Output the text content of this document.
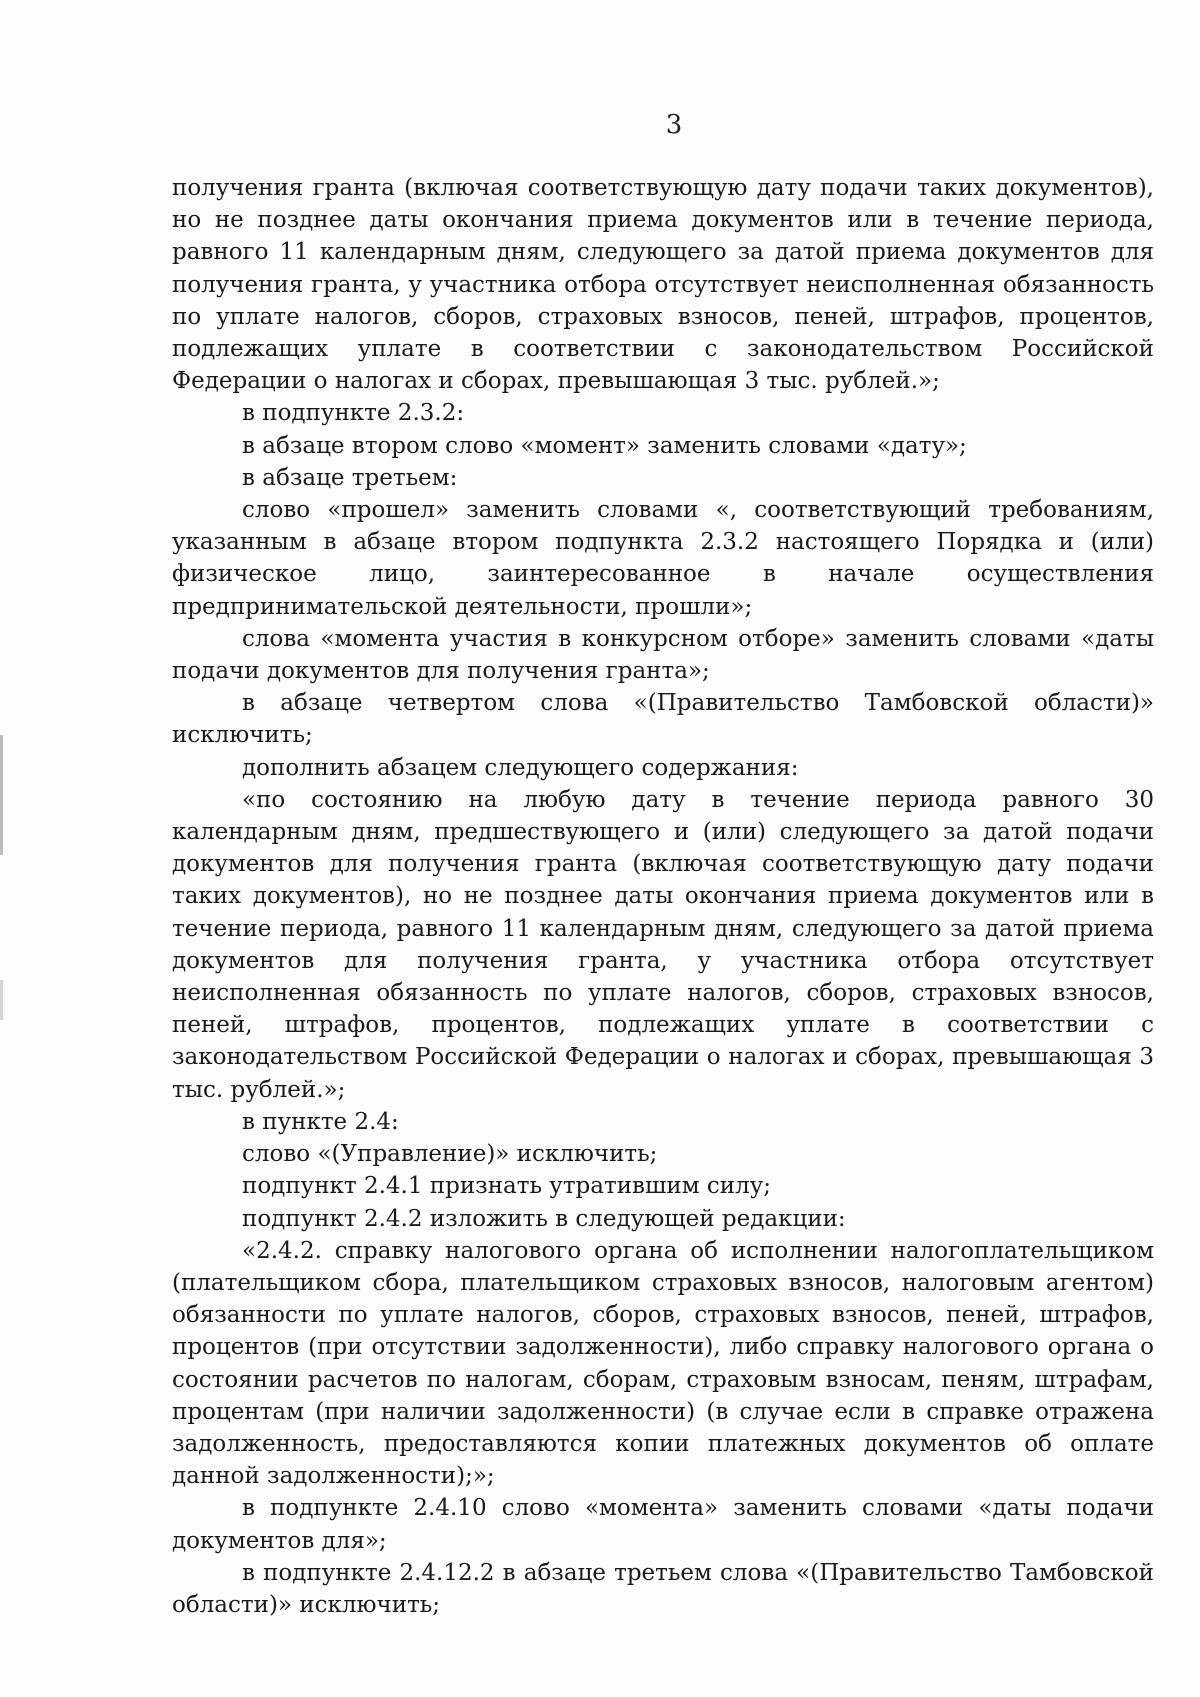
3

получения гранта (включая соответствующую дату подачи таких документов), но не позднее даты окончания приема документов или в течение периода, равного 11 календарным дням, следующего за датой приема документов для получения гранта, у участника отбора отсутствует неисполненная обязанность по уплате налогов, сборов, страховых взносов, пеней, штрафов, процентов, подлежащих уплате в соответствии с законодательством Российской Федерации о налогах и сборах, превышающая 3 тыс. рублей.»;

в подпункте 2.3.2:

в абзаце втором слово «момент» заменить словами «дату»;

в абзаце третьем:

слово «прошел» заменить словами «, соответствующий требованиям, указанным в абзаце втором подпункта 2.3.2 настоящего Порядка и (или) физическое лицо, заинтересованное в начале осуществления предпринимательской деятельности, прошли»;

слова «момента участия в конкурсном отборе» заменить словами «даты подачи документов для получения гранта»;

в абзаце четвертом слова «(Правительство Тамбовской области)» исключить;

дополнить абзацем следующего содержания:

«по состоянию на любую дату в течение периода равного 30 календарным дням, предшествующего и (или) следующего за датой подачи документов для получения гранта (включая соответствующую дату подачи таких документов), но не позднее даты окончания приема документов или в течение периода, равного 11 календарным дням, следующего за датой приема документов для получения гранта, у участника отбора отсутствует неисполненная обязанность по уплате налогов, сборов, страховых взносов, пеней, штрафов, процентов, подлежащих уплате в соответствии с законодательством Российской Федерации о налогах и сборах, превышающая 3 тыс. рублей.»;

в пункте 2.4:

слово «(Управление)» исключить;

подпункт 2.4.1 признать утратившим силу;

подпункт 2.4.2 изложить в следующей редакции:

«2.4.2. справку налогового органа об исполнении налогоплательщиком (плательщиком сбора, плательщиком страховых взносов, налоговым агентом) обязанности по уплате налогов, сборов, страховых взносов, пеней, штрафов, процентов (при отсутствии задолженности), либо справку налогового органа о состоянии расчетов по налогам, сборам, страховым взносам, пеням, штрафам, процентам (при наличии задолженности) (в случае если в справке отражена задолженность, предоставляются копии платежных документов об оплате данной задолженности);»;

в подпункте 2.4.10 слово «момента» заменить словами «даты подачи документов для»;

в подпункте 2.4.12.2 в абзаце третьем слова «(Правительство Тамбовской области)» исключить;
